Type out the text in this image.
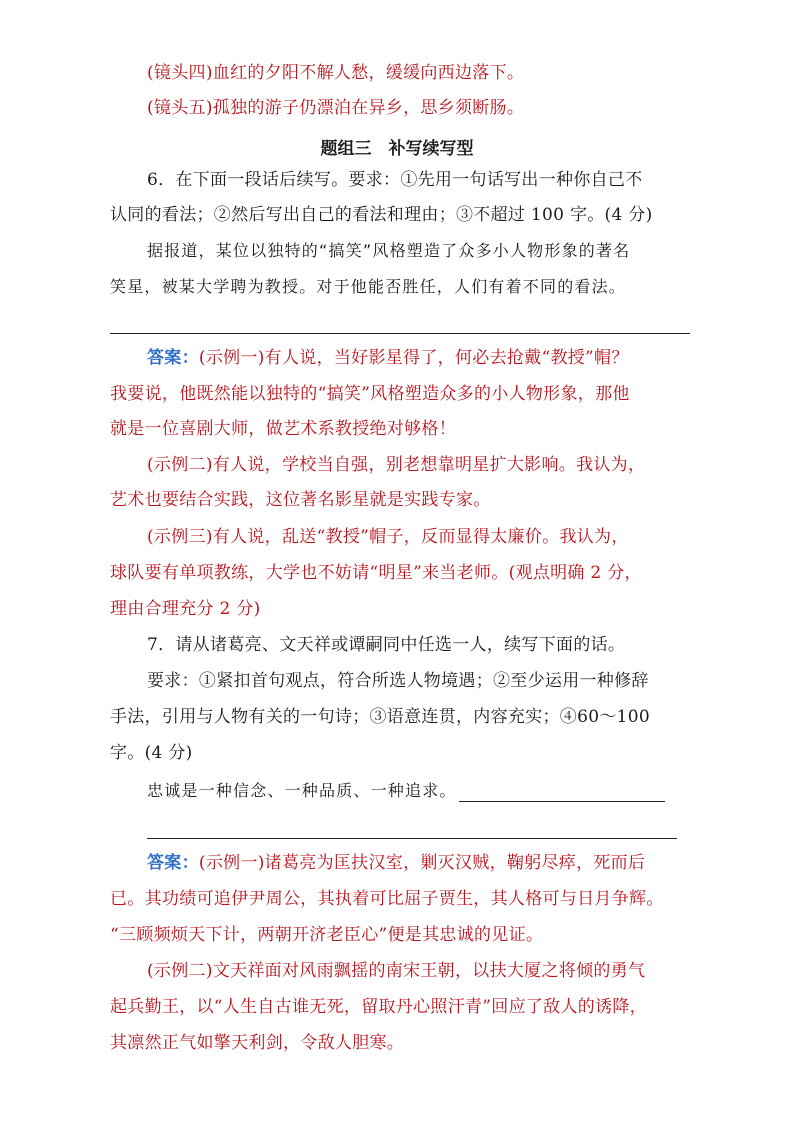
(镜头四)血红的夕阳不解人愁，缓缓向西边落下。
(镜头五)孤独的游子仍漂泊在异乡，思乡须断肠。
题组三　补写续写型
6．在下面一段话后续写。要求：①先用一句话写出一种你自己不
认同的看法；②然后写出自己的看法和理由；③不超过 100 字。(4 分)
据报道，某位以独特的“搞笑”风格塑造了众多小人物形象的著名
笑星，被某大学聘为教授。对于他能否胜任，人们有着不同的看法。
答案：(示例一)有人说，当好影星得了，何必去抢戴“教授”帽？
我要说，他既然能以独特的“搞笑”风格塑造众多的小人物形象，那他
就是一位喜剧大师，做艺术系教授绝对够格！
(示例二)有人说，学校当自强，别老想靠明星扩大影响。我认为，
艺术也要结合实践，这位著名影星就是实践专家。
(示例三)有人说，乱送“教授”帽子，反而显得太廉价。我认为，
球队要有单项教练，大学也不妨请“明星”来当老师。(观点明确 2 分，
理由合理充分 2 分)
7．请从诸葛亮、文天祥或谭嗣同中任选一人，续写下面的话。
要求：①紧扣首句观点，符合所选人物境遇；②至少运用一种修辞
手法，引用与人物有关的一句诗；③语意连贯，内容充实；④60～100
字。(4 分)
忠诚是一种信念、一种品质、一种追求。
答案：(示例一)诸葛亮为匡扶汉室，剿灭汉贼，鞠躬尽瘁，死而后
已。其功绩可追伊尹周公，其执着可比屈子贾生，其人格可与日月争辉。
“三顾频烦天下计，两朝开济老臣心”便是其忠诚的见证。
(示例二)文天祥面对风雨飘摇的南宋王朝，以扶大厦之将倾的勇气
起兵勤王，以“人生自古谁无死，留取丹心照汗青”回应了敌人的诱降，
其凛然正气如擎天利剑，令敌人胆寒。
